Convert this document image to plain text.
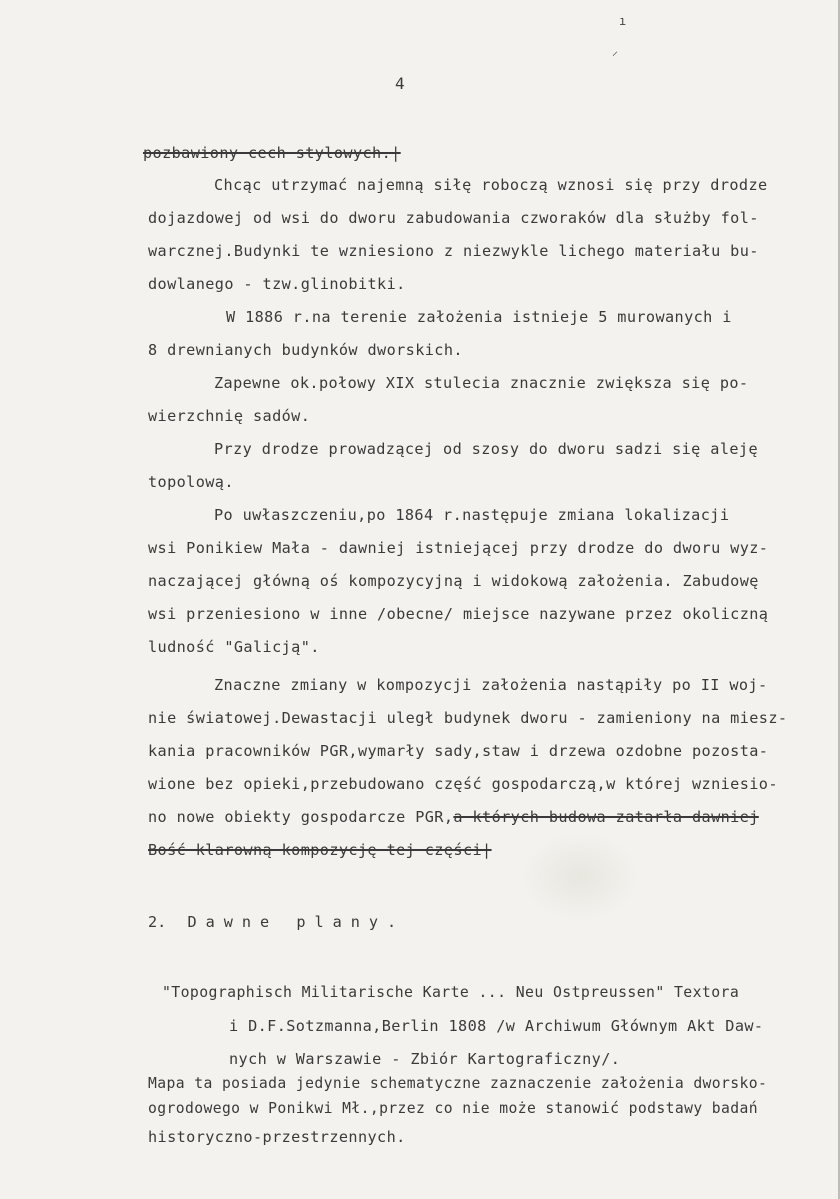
ı
⸝
4
pozbawiony cech stylowych.|
Chcąc utrzymać najemną siłę roboczą wznosi się przy drodze
dojazdowej od wsi do dworu zabudowania czworaków dla służby fol-
warcznej.Budynki te wzniesiono z niezwykle lichego materiału bu-
dowlanego - tzw.glinobitki.
W 1886 r.na terenie założenia istnieje 5 murowanych i
8 drewnianych budynków dworskich.
Zapewne ok.połowy XIX stulecia znacznie zwiększa się po-
wierzchnię sadów.
Przy drodze prowadzącej od szosy do dworu sadzi się aleję
topolową.
Po uwłaszczeniu,po 1864 r.następuje zmiana lokalizacji
wsi Ponikiew Mała - dawniej istniejącej przy drodze do dworu wyz-
naczającej główną oś kompozycyjną i widokową założenia. Zabudowę
wsi przeniesiono w inne /obecne/ miejsce nazywane przez okoliczną
ludność "Galicją".
Znaczne zmiany w kompozycji założenia nastąpiły po II woj-
nie światowej.Dewastacji uległ budynek dworu - zamieniony na miesz-
kania pracowników PGR,wymarły sady,staw i drzewa ozdobne pozosta-
wione bez opieki,przebudowano część gospodarczą,w której wzniesio-
no nowe obiekty gospodarcze PGR,a których budowa zatarła dawniej
Bość klarowną kompozycję tej części|
2. Dawne plany.
"Topographisch Militarische Karte ... Neu Ostpreussen" Textora
i D.F.Sotzmanna,Berlin 1808 /w Archiwum Głównym Akt Daw-
nych w Warszawie - Zbiór Kartograficzny/.
Mapa ta posiada jedynie schematyczne zaznaczenie założenia dworsko-
ogrodowego w Ponikwi Mł.,przez co nie może stanowić podstawy badań
historyczno-przestrzennych.
